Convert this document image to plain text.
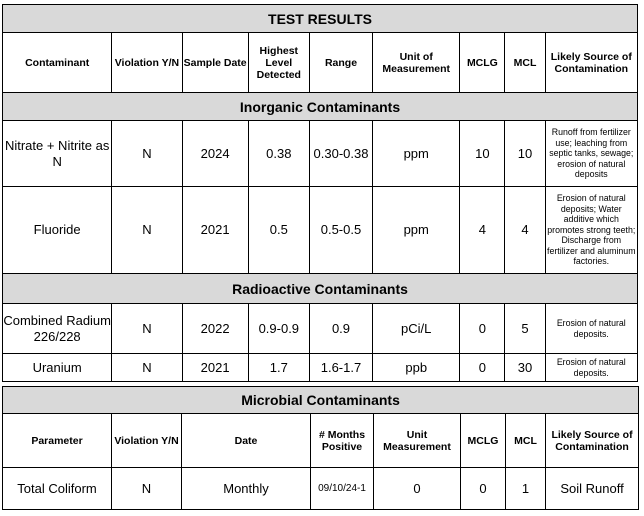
TEST RESULTS								
Contaminant	Violation Y/N	Sample Date	Highest Level Detected	Range	Unit of Measurement	MCLG	MCL	Likely Source of Contamination
Inorganic Contaminants								
Nitrate + Nitrite as N	N	2024	0.38	0.30-0.38	ppm	10	10	Runoff from fertilizer use; leaching from septic tanks, sewage; erosion of natural deposits
Fluoride	N	2021	0.5	0.5-0.5	ppm	4	4	Erosion of natural deposits; Water additive which promotes strong teeth; Discharge from fertilizer and aluminum factories.
Radioactive Contaminants								
Combined Radium 226/228	N	2022	0.9-0.9	0.9	pCi/L	0	5	Erosion of natural deposits.
Uranium	N	2021	1.7	1.6-1.7	ppb	0	30	Erosion of natural deposits.
Microbial Contaminants							
Parameter	Violation Y/N	Date	# Months Positive	Unit Measurement	MCLG	MCL	Likely Source of Contamination
Total Coliform	N	Monthly	09/10/24-1	0	0	1	Soil Runoff
